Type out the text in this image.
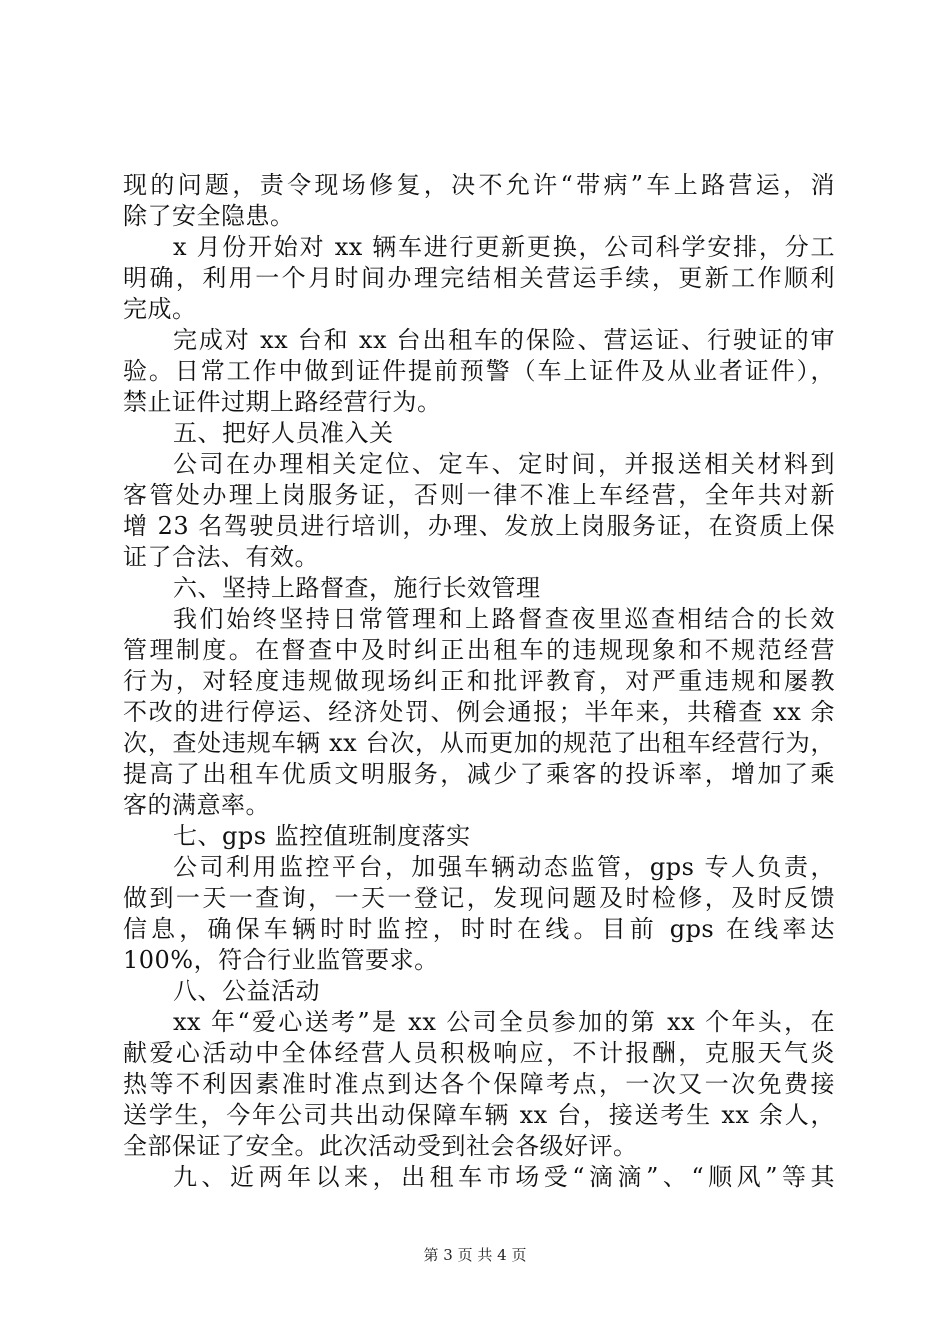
现的问题，责令现场修复，决不允许“带病”车上路营运，消
除了安全隐患。
x 月份开始对 xx 辆车进行更新更换，公司科学安排，分工
明确，利用一个月时间办理完结相关营运手续，更新工作顺利
完成。
完成对 xx 台和 xx 台出租车的保险、营运证、行驶证的审
验。日常工作中做到证件提前预警（车上证件及从业者证件），
禁止证件过期上路经营行为。
五、把好人员准入关
公司在办理相关定位、定车、定时间，并报送相关材料到
客管处办理上岗服务证，否则一律不准上车经营，全年共对新
增 23 名驾驶员进行培训，办理、发放上岗服务证，在资质上保
证了合法、有效。
六、坚持上路督查，施行长效管理
我们始终坚持日常管理和上路督查夜里巡查相结合的长效
管理制度。在督查中及时纠正出租车的违规现象和不规范经营
行为，对轻度违规做现场纠正和批评教育，对严重违规和屡教
不改的进行停运、经济处罚、例会通报；半年来，共稽查 xx 余
次，查处违规车辆 xx 台次，从而更加的规范了出租车经营行为，
提高了出租车优质文明服务，减少了乘客的投诉率，增加了乘
客的满意率。
七、gps 监控值班制度落实
公司利用监控平台，加强车辆动态监管，gps 专人负责，
做到一天一查询，一天一登记，发现问题及时检修，及时反馈
信息，确保车辆时时监控，时时在线。目前 gps 在线率达
100%，符合行业监管要求。
八、公益活动
xx 年“爱心送考”是 xx 公司全员参加的第 xx 个年头，在
献爱心活动中全体经营人员积极响应，不计报酬，克服天气炎
热等不利因素准时准点到达各个保障考点，一次又一次免费接
送学生，今年公司共出动保障车辆 xx 台，接送考生 xx 余人，
全部保证了安全。此次活动受到社会各级好评。
九、近两年以来，出租车市场受“滴滴”、“顺风”等其
第 3 页 共 4 页
